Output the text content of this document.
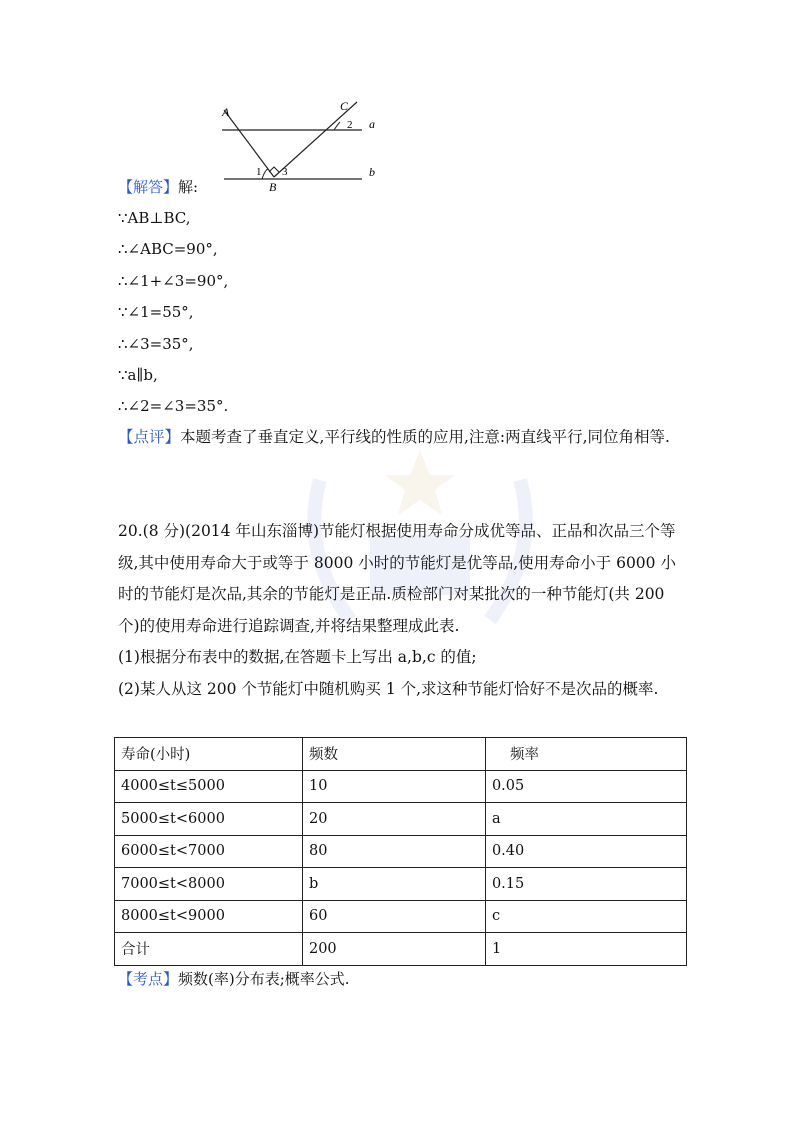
A	C
a
b
B
1
2
3
【解答】解:
∵AB⊥BC,
∴∠ABC=90°,
∴∠1+∠3=90°,
∵∠1=55°,
∴∠3=35°,
∵a∥b,
∴∠2=∠3=35°.
【点评】本题考查了垂直定义,平行线的性质的应用,注意:两直线平行,同位角相等.
20.(8 分)(2014 年山东淄博)节能灯根据使用寿命分成优等品、正品和次品三个等级,其中使用寿命大于或等于 8000 小时的节能灯是优等品,使用寿命小于 6000 小时的节能灯是次品,其余的节能灯是正品.质检部门对某批次的一种节能灯(共 200 个)的使用寿命进行追踪调查,并将结果整理成此表.
(1)根据分布表中的数据,在答题卡上写出 a,b,c 的值;
(2)某人从这 200 个节能灯中随机购买 1 个,求这种节能灯恰好不是次品的概率.
寿命(小时)	频数	频率
4000≤t≤5000	10	0.05
5000≤t<6000	20	a
6000≤t<7000	80	0.40
7000≤t<8000	b	0.15
8000≤t<9000	60	c
合计	200	1
【考点】频数(率)分布表;概率公式.
